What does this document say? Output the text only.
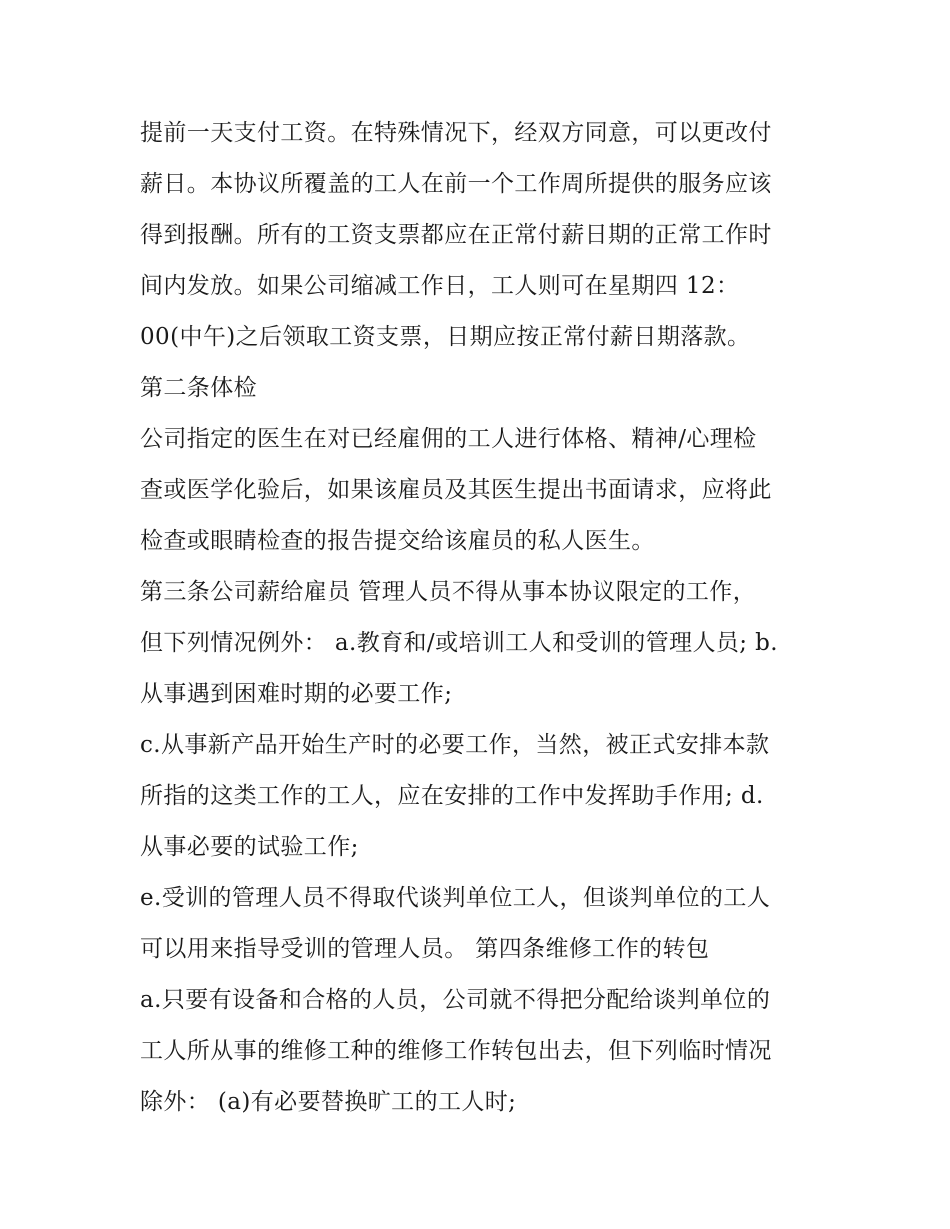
提前一天支付工资。在特殊情况下，经双方同意，可以更改付
薪日。本协议所覆盖的工人在前一个工作周所提供的服务应该
得到报酬。所有的工资支票都应在正常付薪日期的正常工作时
间内发放。如果公司缩减工作日，工人则可在星期四 12：
00(中午)之后领取工资支票，日期应按正常付薪日期落款。
第二条体检
公司指定的医生在对已经雇佣的工人进行体格、精神/心理检
查或医学化验后，如果该雇员及其医生提出书面请求，应将此
检查或眼睛检查的报告提交给该雇员的私人医生。
第三条公司薪给雇员 管理人员不得从事本协议限定的工作，
但下列情况例外： a.教育和/或培训工人和受训的管理人员; b.
从事遇到困难时期的必要工作;
c.从事新产品开始生产时的必要工作，当然，被正式安排本款
所指的这类工作的工人，应在安排的工作中发挥助手作用; d.
从事必要的试验工作;
e.受训的管理人员不得取代谈判单位工人，但谈判单位的工人
可以用来指导受训的管理人员。 第四条维修工作的转包
a.只要有设备和合格的人员，公司就不得把分配给谈判单位的
工人所从事的维修工种的维修工作转包出去，但下列临时情况
除外： (a)有必要替换旷工的工人时;
